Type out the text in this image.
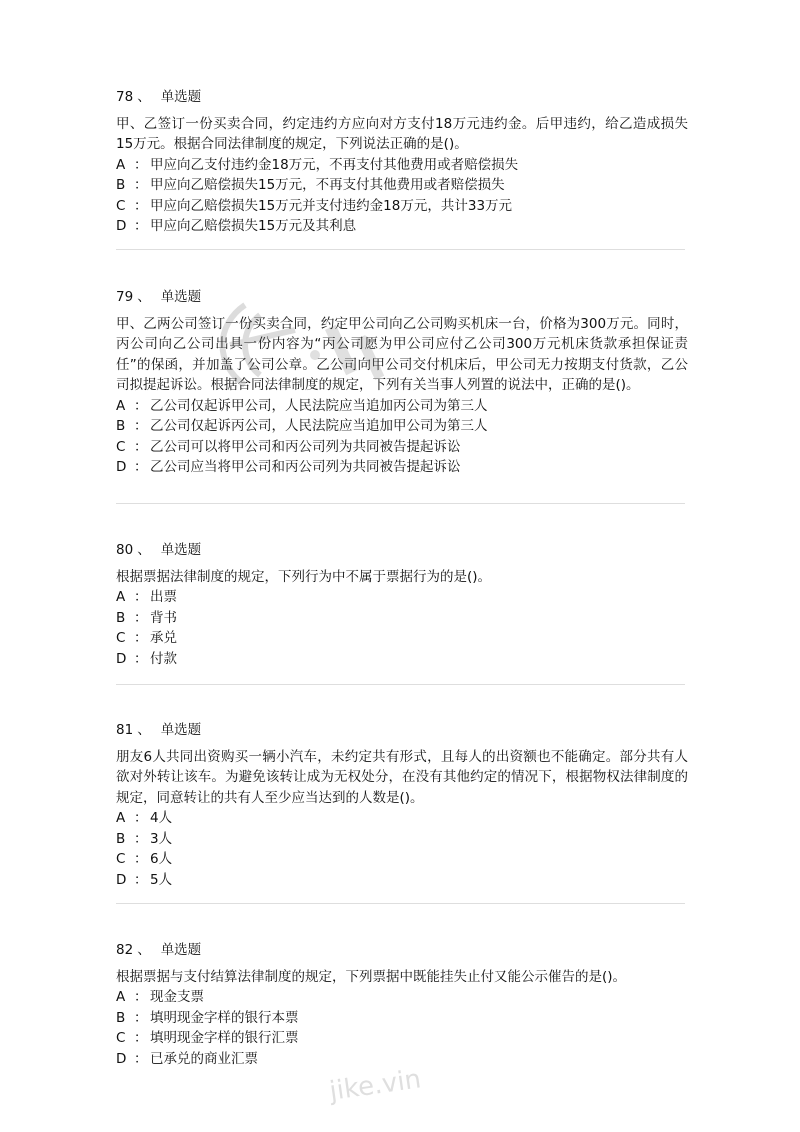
78 、 单选题

甲、乙签订一份买卖合同，约定违约方应向对方支付18万元违约金。后甲违约，给乙造成损失15万元。根据合同法律制度的规定，下列说法正确的是()。

A ： 甲应向乙支付违约金18万元，不再支付其他费用或者赔偿损失
B ： 甲应向乙赔偿损失15万元，不再支付其他费用或者赔偿损失
C ： 甲应向乙赔偿损失15万元并支付违约金18万元，共计33万元
D ： 甲应向乙赔偿损失15万元及其利息
79 、 单选题

甲、乙两公司签订一份买卖合同，约定甲公司向乙公司购买机床一台，价格为300万元。同时，丙公司向乙公司出具一份内容为“丙公司愿为甲公司应付乙公司300万元机床货款承担保证责任”的保函，并加盖了公司公章。乙公司向甲公司交付机床后，甲公司无力按期支付货款，乙公司拟提起诉讼。根据合同法律制度的规定，下列有关当事人列置的说法中，正确的是()。

A ： 乙公司仅起诉甲公司，人民法院应当追加丙公司为第三人
B ： 乙公司仅起诉丙公司，人民法院应当追加甲公司为第三人
C ： 乙公司可以将甲公司和丙公司列为共同被告提起诉讼
D ： 乙公司应当将甲公司和丙公司列为共同被告提起诉讼
80 、 单选题

根据票据法律制度的规定，下列行为中不属于票据行为的是()。

A ： 出票
B ： 背书
C ： 承兑
D ： 付款
81 、 单选题

朋友6人共同出资购买一辆小汽车，未约定共有形式，且每人的出资额也不能确定。部分共有人欲对外转让该车。为避免该转让成为无权处分，在没有其他约定的情况下，根据物权法律制度的规定，同意转让的共有人至少应当达到的人数是()。

A ： 4人
B ： 3人
C ： 6人
D ： 5人
82 、 单选题

根据票据与支付结算法律制度的规定，下列票据中既能挂失止付又能公示催告的是()。

A ： 现金支票
B ： 填明现金字样的银行本票
C ： 填明现金字样的银行汇票
D ： 已承兑的商业汇票
jike.vin
